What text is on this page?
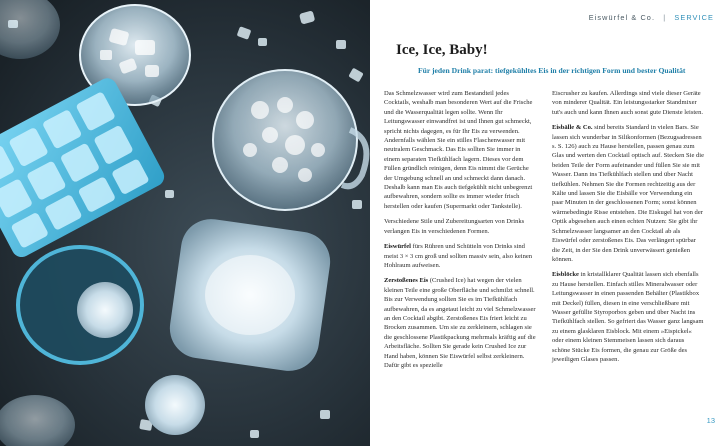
Eiswürfel & Co. | SERVICE
Ice, Ice, Baby!
Für jeden Drink parat: tiefgekühltes Eis in der richtigen Form und bester Qualität

Das Schmelzwasser wird zum Bestandteil jedes Cocktails, weshalb man besonderen Wert auf die Frische und die Wasserqualität legen sollte. Wenn Ihr Leitungswasser einwandfrei ist und Ihnen gut schmeckt, spricht nichts dagegen, es für Ihr Eis zu verwenden. Andernfalls wählen Sie ein stilles Flaschenwasser mit neutralem Geschmack. Das Eis sollten Sie immer in einem separaten Tiefkühlfach lagern. Dieses vor dem Füllen gründlich reinigen, denn Eis nimmt die Gerüche der Umgebung schnell an und schmeckt dann danach. Deshalb kann man Eis auch tiefgekühlt nicht unbegrenzt aufbewahren, sondern sollte es immer wieder frisch herstellen oder kaufen (Supermarkt oder Tankstelle).

Verschiedene Stile und Zubereitungsarten von Drinks verlangen Eis in verschiedenen Formen.

Eiswürfel fürs Rühren und Schütteln von Drinks sind meist 3 × 3 cm groß und sollten massiv sein, also keinen Hohlraum aufweisen.

Zerstoßenes Eis (Crushed Ice) hat wegen der vielen kleinen Teile eine große Oberfläche und schmilzt schnell. Bis zur Verwendung sollten Sie es im Tiefkühlfach aufbewahren, da es angetaut leicht zu viel Schmelzwasser an den Cocktail abgibt. Zerstoßenes Eis friert leicht zu Brocken zusammen. Um sie zu zerkleinern, schlagen sie die geschlossene Plastikpackung mehrmals kräftig auf die Arbeitsfläche. Sollten Sie gerade kein Crushed Ice zur Hand haben, können Sie Eiswürfel selbst zerkleinern. Dafür gibt es spezielle

Eiscrusher zu kaufen. Allerdings sind viele dieser Geräte von minderer Qualität. Ein leistungsstarker Standmixer tut's auch und kann Ihnen auch sonst gute Dienste leisten.

Eisbälle & Co. sind bereits Standard in vielen Bars. Sie lassen sich wunderbar in Silikonformen (Bezugsadressen s. S. 126) auch zu Hause herstellen, passen genau zum Glas und werten den Cocktail optisch auf. Stecken Sie die beiden Teile der Form aufeinander und füllen Sie sie mit Wasser. Dann ins Tiefkühlfach stellen und über Nacht tiefkühlen. Nehmen Sie die Formen rechtzeitig aus der Kälte und lassen Sie die Eisbälle vor Verwendung ein paar Minuten in der geschlossenen Form; sonst können wärmebedingte Risse entstehen. Die Eiskugel hat von der Optik abgesehen auch einen echten Nutzen: Sie gibt ihr Schmelzwasser langsamer an den Cocktail ab als Eiswürfel oder zerstoßenes Eis. Das verlängert spürbar die Zeit, in der Sie den Drink unverwässert genießen können.

Eisblöcke in kristallklarer Qualität lassen sich ebenfalls zu Hause herstellen. Einfach stilles Mineralwasser oder Leitungswasser in einen passenden Behälter (Plastikbox mit Deckel) füllen, diesen in eine verschließbare mit Wasser gefüllte Styroporbox geben und über Nacht ins Tiefkühlfach stellen. So gefriert das Wasser ganz langsam zu einem glasklaren Eisblock. Mit einem »Eispickel« oder einem kleinen Stemmeisen lassen sich daraus schöne Stücke Eis formen, die genau zur Größe des jeweiligen Glases passen.

13
